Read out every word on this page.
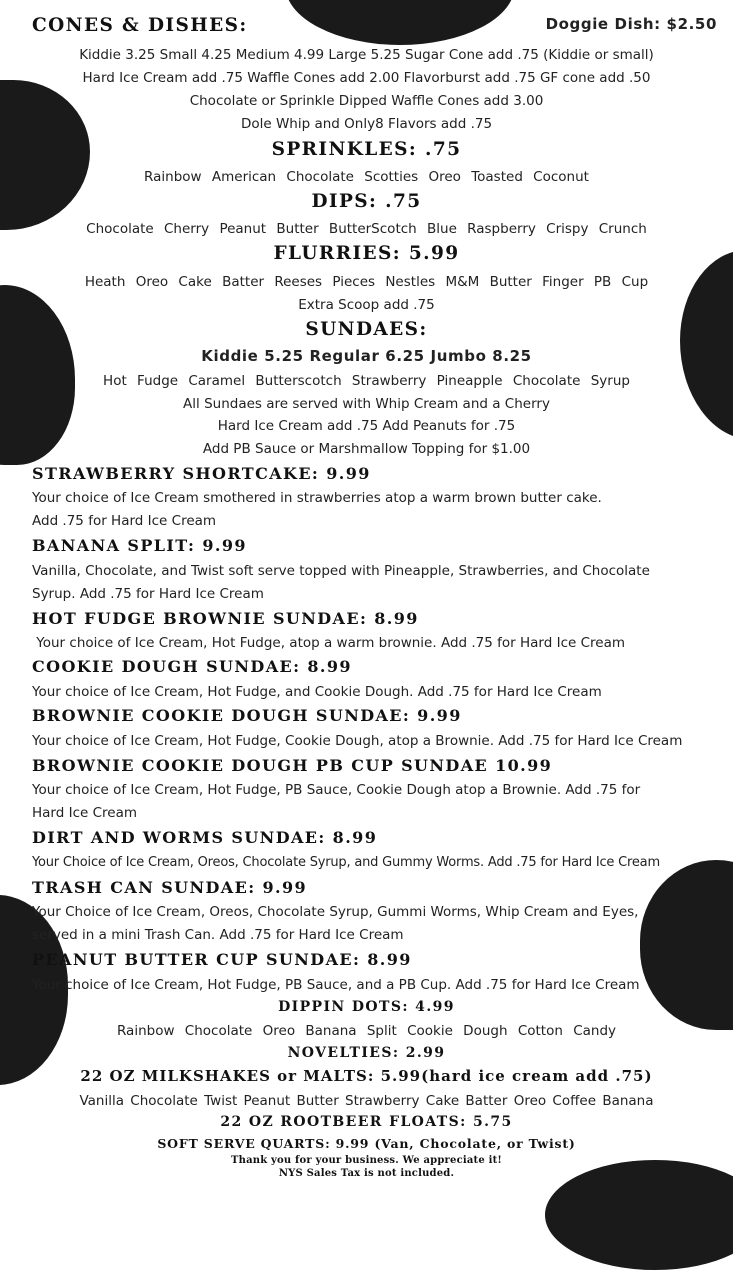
CONES & DISHES:	Doggie Dish: $2.50
Kiddie 3.25 Small 4.25 Medium 4.99 Large 5.25 Sugar Cone add .75 (Kiddie or small)
Hard Ice Cream add .75 Waffle Cones add 2.00 Flavorburst add .75 GF cone add .50
Chocolate or Sprinkle Dipped Waffle Cones add 3.00
Dole Whip and Only8 Flavors add .75
SPRINKLES: .75
Rainbow American Chocolate Scotties Oreo Toasted Coconut
DIPS: .75
Chocolate Cherry Peanut Butter ButterScotch Blue Raspberry Crispy Crunch
FLURRIES: 5.99
Heath Oreo Cake Batter Reeses Pieces Nestles M&M Butter Finger PB Cup
Extra Scoop add .75
SUNDAES:
Kiddie 5.25 Regular 6.25 Jumbo 8.25
Hot Fudge Caramel Butterscotch Strawberry Pineapple Chocolate Syrup
All Sundaes are served with Whip Cream and a Cherry
Hard Ice Cream add .75 Add Peanuts for .75
Add PB Sauce or Marshmallow Topping for $1.00
STRAWBERRY SHORTCAKE: 9.99
Your choice of Ice Cream smothered in strawberries atop a warm brown butter cake.
Add .75 for Hard Ice Cream
BANANA SPLIT: 9.99
Vanilla, Chocolate, and Twist soft serve topped with Pineapple, Strawberries, and Chocolate
Syrup. Add .75 for Hard Ice Cream
HOT FUDGE BROWNIE SUNDAE: 8.99
Your choice of Ice Cream, Hot Fudge, atop a warm brownie. Add .75 for Hard Ice Cream
COOKIE DOUGH SUNDAE: 8.99
Your choice of Ice Cream, Hot Fudge, and Cookie Dough. Add .75 for Hard Ice Cream
BROWNIE COOKIE DOUGH SUNDAE: 9.99
Your choice of Ice Cream, Hot Fudge, Cookie Dough, atop a Brownie. Add .75 for Hard Ice Cream
BROWNIE COOKIE DOUGH PB CUP SUNDAE 10.99
Your choice of Ice Cream, Hot Fudge, PB Sauce, Cookie Dough atop a Brownie. Add .75 for
Hard Ice Cream
DIRT AND WORMS SUNDAE: 8.99
Your Choice of Ice Cream, Oreos, Chocolate Syrup, and Gummy Worms. Add .75 for Hard Ice Cream
TRASH CAN SUNDAE: 9.99
Your Choice of Ice Cream, Oreos, Chocolate Syrup, Gummi Worms, Whip Cream and Eyes,
served in a mini Trash Can. Add .75 for Hard Ice Cream
PEANUT BUTTER CUP SUNDAE: 8.99
Your choice of Ice Cream, Hot Fudge, PB Sauce, and a PB Cup. Add .75 for Hard Ice Cream
DIPPIN DOTS: 4.99
Rainbow Chocolate Oreo Banana Split Cookie Dough Cotton Candy
NOVELTIES: 2.99
22 OZ MILKSHAKES or MALTS: 5.99(hard ice cream add .75)
Vanilla Chocolate Twist Peanut Butter Strawberry Cake Batter Oreo Coffee Banana
22 OZ ROOTBEER FLOATS: 5.75
SOFT SERVE QUARTS: 9.99 (Van, Chocolate, or Twist)
Thank you for your business. We appreciate it!
NYS Sales Tax is not included.
